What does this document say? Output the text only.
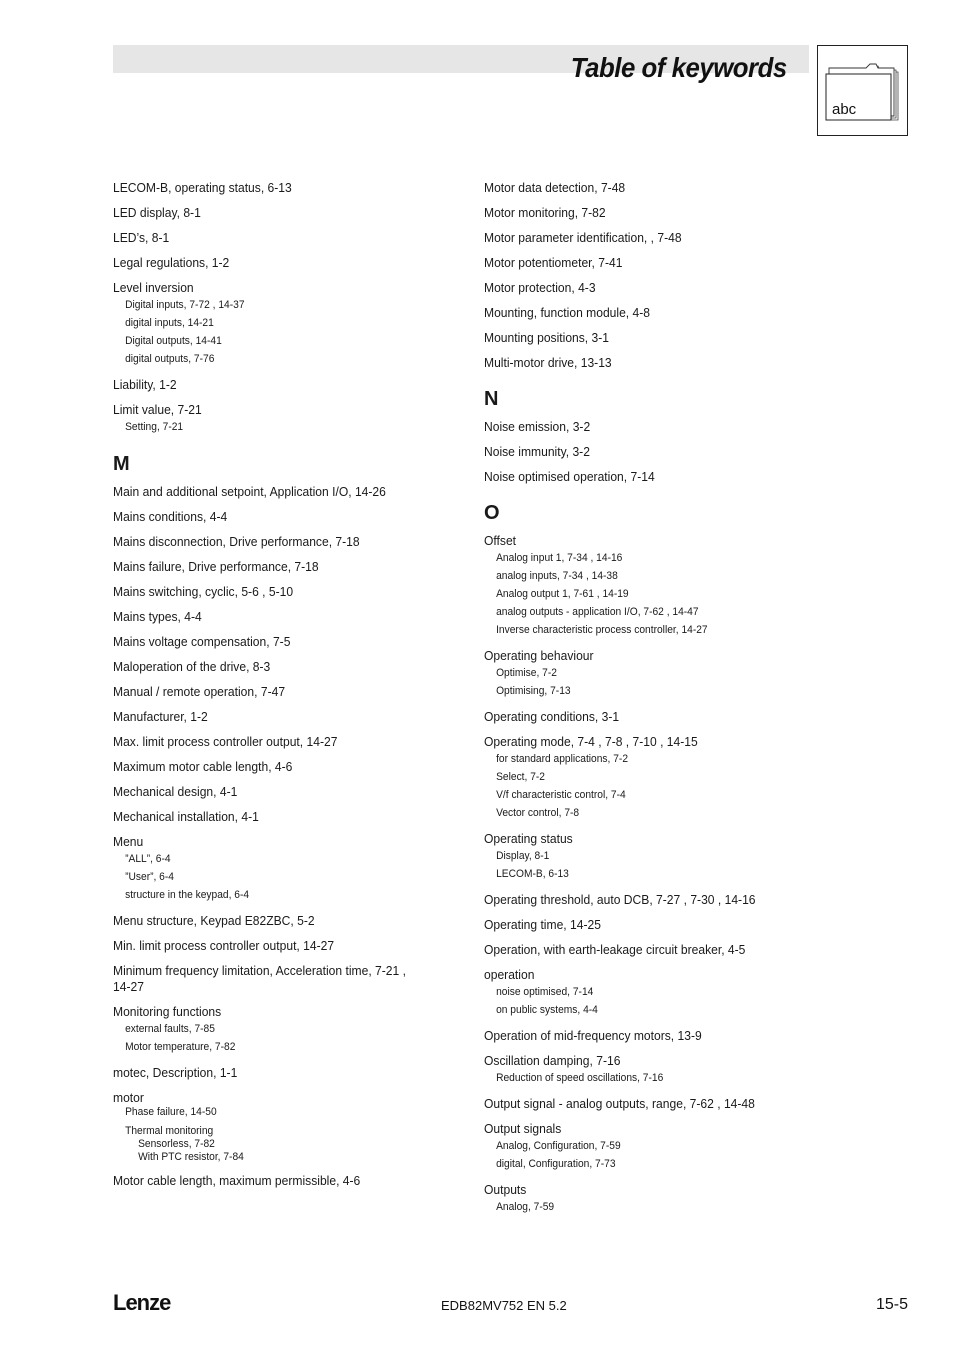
Table of keywords
abc
LECOM-B, operating status, 6-13
LED display, 8-1
LED’s, 8-1
Legal regulations, 1-2
Level inversion
Digital inputs, 7-72 , 14-37
digital inputs, 14-21
Digital outputs, 14-41
digital outputs, 7-76
Liability, 1-2
Limit value, 7-21
Setting, 7-21
M
Main and additional setpoint, Application I/O, 14-26
Mains conditions, 4-4
Mains disconnection, Drive performance, 7-18
Mains failure, Drive performance, 7-18
Mains switching, cyclic, 5-6 , 5-10
Mains types, 4-4
Mains voltage compensation, 7-5
Maloperation of the drive, 8-3
Manual / remote operation, 7-47
Manufacturer, 1-2
Max. limit process controller output, 14-27
Maximum motor cable length, 4-6
Mechanical design, 4-1
Mechanical installation, 4-1
Menu
”ALL”, 6-4
”User”, 6-4
structure in the keypad, 6-4
Menu structure, Keypad E82ZBC, 5-2
Min. limit process controller output, 14-27
Minimum frequency limitation, Acceleration time, 7-21 , 14-27
Monitoring functions
external faults, 7-85
Motor temperature, 7-82
motec, Description, 1-1
motor
Phase failure, 14-50
Thermal monitoring
Sensorless, 7-82
With PTC resistor, 7-84
Motor cable length, maximum permissible, 4-6
Motor data detection, 7-48
Motor monitoring, 7-82
Motor parameter identification, , 7-48
Motor potentiometer, 7-41
Motor protection, 4-3
Mounting, function module, 4-8
Mounting positions, 3-1
Multi-motor drive, 13-13
N
Noise emission, 3-2
Noise immunity, 3-2
Noise optimised operation, 7-14
O
Offset
Analog input 1, 7-34 , 14-16
analog inputs, 7-34 , 14-38
Analog output 1, 7-61 , 14-19
analog outputs - application I/O, 7-62 , 14-47
Inverse characteristic process controller, 14-27
Operating behaviour
Optimise, 7-2
Optimising, 7-13
Operating conditions, 3-1
Operating mode, 7-4 , 7-8 , 7-10 , 14-15
for standard applications, 7-2
Select, 7-2
V/f characteristic control, 7-4
Vector control, 7-8
Operating status
Display, 8-1
LECOM-B, 6-13
Operating threshold, auto DCB, 7-27 , 7-30 , 14-16
Operating time, 14-25
Operation, with earth-leakage circuit breaker, 4-5
operation
noise optimised, 7-14
on public systems, 4-4
Operation of mid-frequency motors, 13-9
Oscillation damping, 7-16
Reduction of speed oscillations, 7-16
Output signal - analog outputs, range, 7-62 , 14-48
Output signals
Analog, Configuration, 7-59
digital, Configuration, 7-73
Outputs
Analog, 7-59
Lenze	EDB82MV752 EN 5.2	15-5
